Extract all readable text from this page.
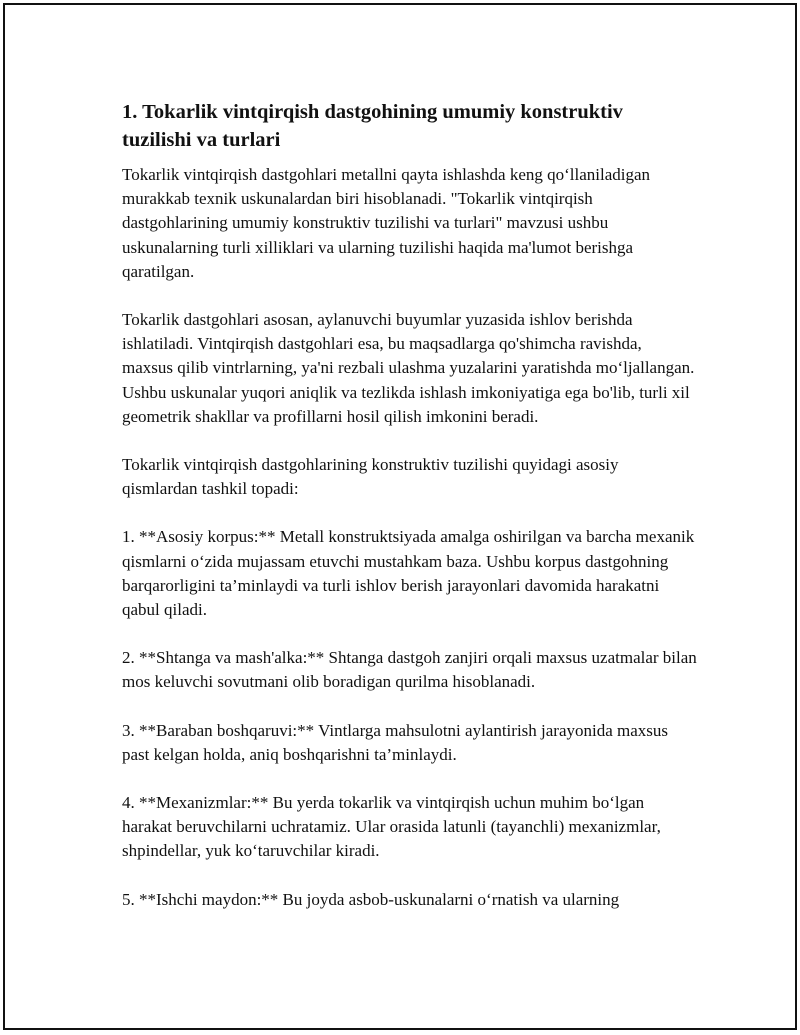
1. Tokarlik vintqirqish dastgohining umumiy konstruktiv tuzilishi va turlari

Tokarlik vintqirqish dastgohlari metallni qayta ishlashda keng qo‘llaniladigan murakkab texnik uskunalardan biri hisoblanadi. "Tokarlik vintqirqish dastgohlarining umumiy konstruktiv tuzilishi va turlari" mavzusi ushbu uskunalarning turli xilliklari va ularning tuzilishi haqida ma'lumot berishga qaratilgan.

Tokarlik dastgohlari asosan, aylanuvchi buyumlar yuzasida ishlov berishda ishlatiladi. Vintqirqish dastgohlari esa, bu maqsadlarga qo'shimcha ravishda, maxsus qilib vintrlarning, ya'ni rezbali ulashma yuzalarini yaratishda mo‘ljallangan. Ushbu uskunalar yuqori aniqlik va tezlikda ishlash imkoniyatiga ega bo'lib, turli xil geometrik shakllar va profillarni hosil qilish imkonini beradi.

Tokarlik vintqirqish dastgohlarining konstruktiv tuzilishi quyidagi asosiy qismlardan tashkil topadi:

1. **Asosiy korpus:** Metall konstruktsiyada amalga oshirilgan va barcha mexanik qismlarni o‘zida mujassam etuvchi mustahkam baza. Ushbu korpus dastgohning barqarorligini ta’minlaydi va turli ishlov berish jarayonlari davomida harakatni qabul qiladi.

2. **Shtanga va mash'alka:** Shtanga dastgoh zanjiri orqali maxsus uzatmalar bilan mos keluvchi sovutmani olib boradigan qurilma hisoblanadi.

3. **Baraban boshqaruvi:** Vintlarga mahsulotni aylantirish jarayonida maxsus past kelgan holda, aniq boshqarishni ta’minlaydi.

4. **Mexanizmlar:** Bu yerda tokarlik va vintqirqish uchun muhim bo‘lgan harakat beruvchilarni uchratamiz. Ular orasida latunli (tayanchli) mexanizmlar, shpindellar, yuk ko‘taruvchilar kiradi.

5. **Ishchi maydon:** Bu joyda asbob-uskunalarni o‘rnatish va ularning
